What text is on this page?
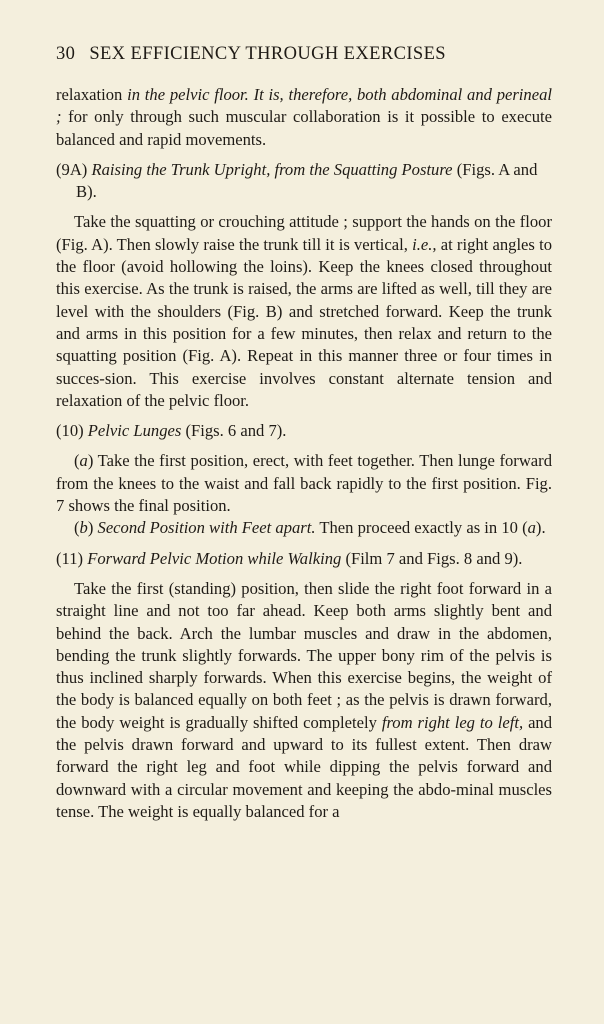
30 SEX EFFICIENCY THROUGH EXERCISES

relaxation in the pelvic floor. It is, therefore, both abdominal and perineal ; for only through such muscular collaboration is it possible to execute balanced and rapid movements.

(9A) Raising the Trunk Upright, from the Squatting Posture (Figs. A and B).

Take the squatting or crouching attitude ; support the hands on the floor (Fig. A). Then slowly raise the trunk till it is vertical, i.e., at right angles to the floor (avoid hollowing the loins). Keep the knees closed throughout this exercise. As the trunk is raised, the arms are lifted as well, till they are level with the shoulders (Fig. B) and stretched forward. Keep the trunk and arms in this position for a few minutes, then relax and return to the squatting position (Fig. A). Repeat in this manner three or four times in succes-sion. This exercise involves constant alternate tension and relaxation of the pelvic floor.

(10) Pelvic Lunges (Figs. 6 and 7).

(a) Take the first position, erect, with feet together. Then lunge forward from the knees to the waist and fall back rapidly to the first position. Fig. 7 shows the final position.

(b) Second Position with Feet apart. Then proceed exactly as in 10 (a).

(11) Forward Pelvic Motion while Walking (Film 7 and Figs. 8 and 9).

Take the first (standing) position, then slide the right foot forward in a straight line and not too far ahead. Keep both arms slightly bent and behind the back. Arch the lumbar muscles and draw in the abdomen, bending the trunk slightly forwards. The upper bony rim of the pelvis is thus inclined sharply forwards. When this exercise begins, the weight of the body is balanced equally on both feet ; as the pelvis is drawn forward, the body weight is gradually shifted completely from right leg to left, and the pelvis drawn forward and upward to its fullest extent. Then draw forward the right leg and foot while dipping the pelvis forward and downward with a circular movement and keeping the abdo-minal muscles tense. The weight is equally balanced for a
